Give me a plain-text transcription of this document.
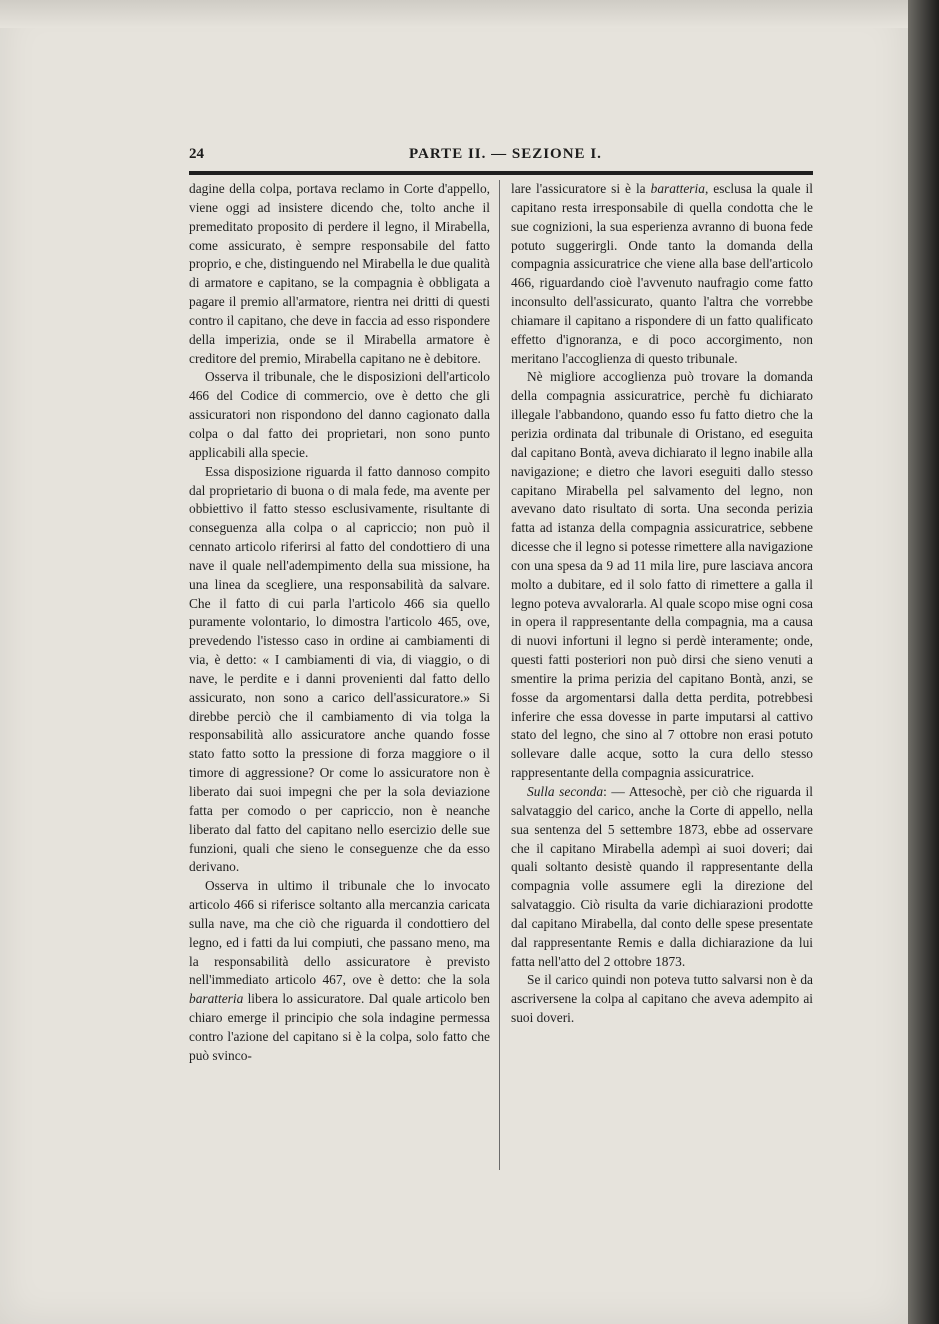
24	PARTE II. — SEZIONE I.

dagine della colpa, portava reclamo in Corte d'appello, viene oggi ad insistere dicendo che, tolto anche il premeditato proposito di perdere il legno, il Mirabella, come assicurato, è sempre responsabile del fatto proprio, e che, distinguendo nel Mirabella le due qualità di armatore e capitano, se la compagnia è obbligata a pagare il premio all'armatore, rientra nei dritti di questi contro il capitano, che deve in faccia ad esso rispondere della imperizia, onde se il Mirabella armatore è creditore del premio, Mirabella capitano ne è debitore.

Osserva il tribunale, che le disposizioni dell'articolo 466 del Codice di commercio, ove è detto che gli assicuratori non rispondono del danno cagionato dalla colpa o dal fatto dei proprietari, non sono punto applicabili alla specie.

Essa disposizione riguarda il fatto dannoso compito dal proprietario di buona o di mala fede, ma avente per obbiettivo il fatto stesso esclusivamente, risultante di conseguenza alla colpa o al capriccio; non può il cennato articolo riferirsi al fatto del condottiero di una nave il quale nell'adempimento della sua missione, ha una linea da scegliere, una responsabilità da salvare. Che il fatto di cui parla l'articolo 466 sia quello puramente volontario, lo dimostra l'articolo 465, ove, prevedendo l'istesso caso in ordine ai cambiamenti di via, è detto: « I cambiamenti di via, di viaggio, o di nave, le perdite e i danni provenienti dal fatto dello assicurato, non sono a carico dell'assicuratore.» Si direbbe perciò che il cambiamento di via tolga la responsabilità allo assicuratore anche quando fosse stato fatto sotto la pressione di forza maggiore o il timore di aggressione? Or come lo assicuratore non è liberato dai suoi impegni che per la sola deviazione fatta per comodo o per capriccio, non è neanche liberato dal fatto del capitano nello esercizio delle sue funzioni, quali che sieno le conseguenze che da esso derivano.

Osserva in ultimo il tribunale che lo invocato articolo 466 si riferisce soltanto alla mercanzia caricata sulla nave, ma che ciò che riguarda il condottiero del legno, ed i fatti da lui compiuti, che passano meno, ma la responsabilità dello assicuratore è previsto nell'immediato articolo 467, ove è detto: che la sola baratteria libera lo assicuratore. Dal quale articolo ben chiaro emerge il principio che sola indagine permessa contro l'azione del capitano si è la colpa, solo fatto che può svinco-

lare l'assicuratore si è la baratteria, esclusa la quale il capitano resta irresponsabile di quella condotta che le sue cognizioni, la sua esperienza avranno di buona fede potuto suggerirgli. Onde tanto la domanda della compagnia assicuratrice che viene alla base dell'articolo 466, riguardando cioè l'avvenuto naufragio come fatto inconsulto dell'assicurato, quanto l'altra che vorrebbe chiamare il capitano a rispondere di un fatto qualificato effetto d'ignoranza, e di poco accorgimento, non meritano l'accoglienza di questo tribunale.

Nè migliore accoglienza può trovare la domanda della compagnia assicuratrice, perchè fu dichiarato illegale l'abbandono, quando esso fu fatto dietro che la perizia ordinata dal tribunale di Oristano, ed eseguita dal capitano Bontà, aveva dichiarato il legno inabile alla navigazione; e dietro che lavori eseguiti dallo stesso capitano Mirabella pel salvamento del legno, non avevano dato risultato di sorta. Una seconda perizia fatta ad istanza della compagnia assicuratrice, sebbene dicesse che il legno si potesse rimettere alla navigazione con una spesa da 9 ad 11 mila lire, pure lasciava ancora molto a dubitare, ed il solo fatto di rimettere a galla il legno poteva avvalorarla. Al quale scopo mise ogni cosa in opera il rappresentante della compagnia, ma a causa di nuovi infortuni il legno si perdè interamente; onde, questi fatti posteriori non può dirsi che sieno venuti a smentire la prima perizia del capitano Bontà, anzi, se fosse da argomentarsi dalla detta perdita, potrebbesi inferire che essa dovesse in parte imputarsi al cattivo stato del legno, che sino al 7 ottobre non erasi potuto sollevare dalle acque, sotto la cura dello stesso rappresentante della compagnia assicuratrice.

Sulla seconda: — Attesochè, per ciò che riguarda il salvataggio del carico, anche la Corte di appello, nella sua sentenza del 5 settembre 1873, ebbe ad osservare che il capitano Mirabella adempì ai suoi doveri; dai quali soltanto desistè quando il rappresentante della compagnia volle assumere egli la direzione del salvataggio. Ciò risulta da varie dichiarazioni prodotte dal capitano Mirabella, dal conto delle spese presentate dal rappresentante Remis e dalla dichiarazione da lui fatta nell'atto del 2 ottobre 1873.

Se il carico quindi non poteva tutto salvarsi non è da ascriversene la colpa al capitano che aveva adempito ai suoi doveri.
